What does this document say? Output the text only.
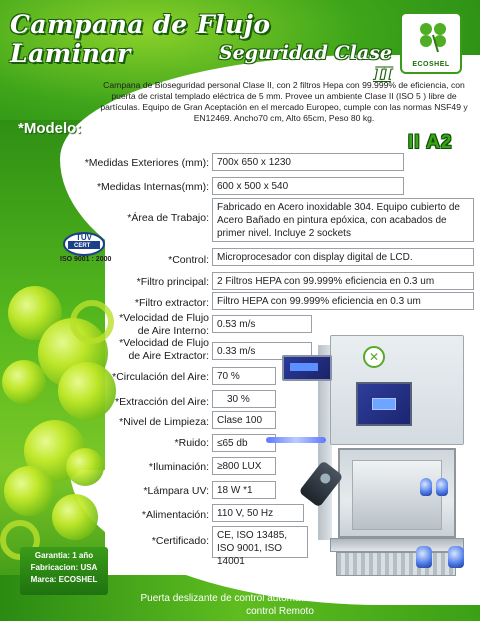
Campana de Flujo Laminar	Seguridad Clase II	ECOSHEL
Campana de Bioseguridad personal Clase II, con 2 filtros Hepa con 99.999% de eficiencia, con puerta de cristal templado eléctrica de 5 mm. Provee un ambiente Clase II (ISO 5 ) libre de partículas. Equipo de Gran Aceptación en el mercado Europeo, cumple con las normas NSF49 y EN12469. Ancho70 cm, Alto 65cm, Peso 80 kg.
*Modelo:
II A2
TÜV
CERT
ISO 9001 : 2000
*Medidas Exteriores (mm): 700x 650 x 1230
*Medidas Internas(mm): 600 x 500 x 540
*Área de Trabajo:
Fabricado en Acero inoxidable 304. Equipo cubierto de Acero Bañado en pintura epóxica, con acabados de primer nivel. Incluye 2 sockets
*Control: Microprocesador con display digital de LCD.
*Filtro principal: 2 Filtros HEPA con 99.999% eficiencia en 0.3 um
*Filtro extractor: Filtro HEPA con 99.999% eficiencia en 0.3 um
*Velocidad de Flujo de Aire Interno:
0.53 m/s
*Velocidad de Flujo de Aire Extractor: 0.33 m/s
*Circulación del Aire: 70 %
*Extracción del Aire:	30 %
*Nivel de Limpieza: Clase 100
*Ruido: ≤65 db
*Iluminación: ≥800 LUX
*Lámpara UV: 18 W *1
*Alimentación: 110 V, 50 Hz
*Certificado: CE, ISO 13485, ISO 9001, ISO 14001
✕
Garantia: 1 año
Fabricacion: USA
Marca: ECOSHEL
Puerta deslizante de control automático de vidrio templado con control Remoto
